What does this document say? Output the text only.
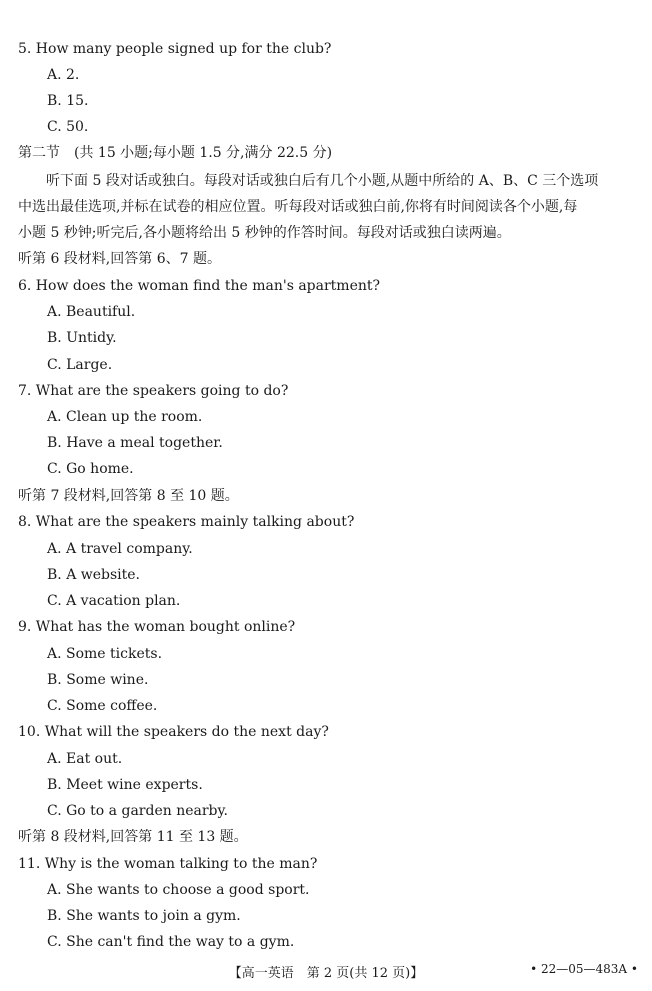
5. How many people signed up for the club?
A. 2.
B. 15.
C. 50.
第二节　(共 15 小题;每小题 1.5 分,满分 22.5 分)
听下面 5 段对话或独白。每段对话或独白后有几个小题,从题中所给的 A、B、C 三个选项
中选出最佳选项,并标在试卷的相应位置。听每段对话或独白前,你将有时间阅读各个小题,每
小题 5 秒钟;听完后,各小题将给出 5 秒钟的作答时间。每段对话或独白读两遍。
听第 6 段材料,回答第 6、7 题。
6. How does the woman find the man's apartment?
A. Beautiful.
B. Untidy.
C. Large.
7. What are the speakers going to do?
A. Clean up the room.
B. Have a meal together.
C. Go home.
听第 7 段材料,回答第 8 至 10 题。
8. What are the speakers mainly talking about?
A. A travel company.
B. A website.
C. A vacation plan.
9. What has the woman bought online?
A. Some tickets.
B. Some wine.
C. Some coffee.
10. What will the speakers do the next day?
A. Eat out.
B. Meet wine experts.
C. Go to a garden nearby.
听第 8 段材料,回答第 11 至 13 题。
11. Why is the woman talking to the man?
A. She wants to choose a good sport.
B. She wants to join a gym.
C. She can't find the way to a gym.
【高一英语　第 2 页(共 12 页)】	• 22—05—483A •
